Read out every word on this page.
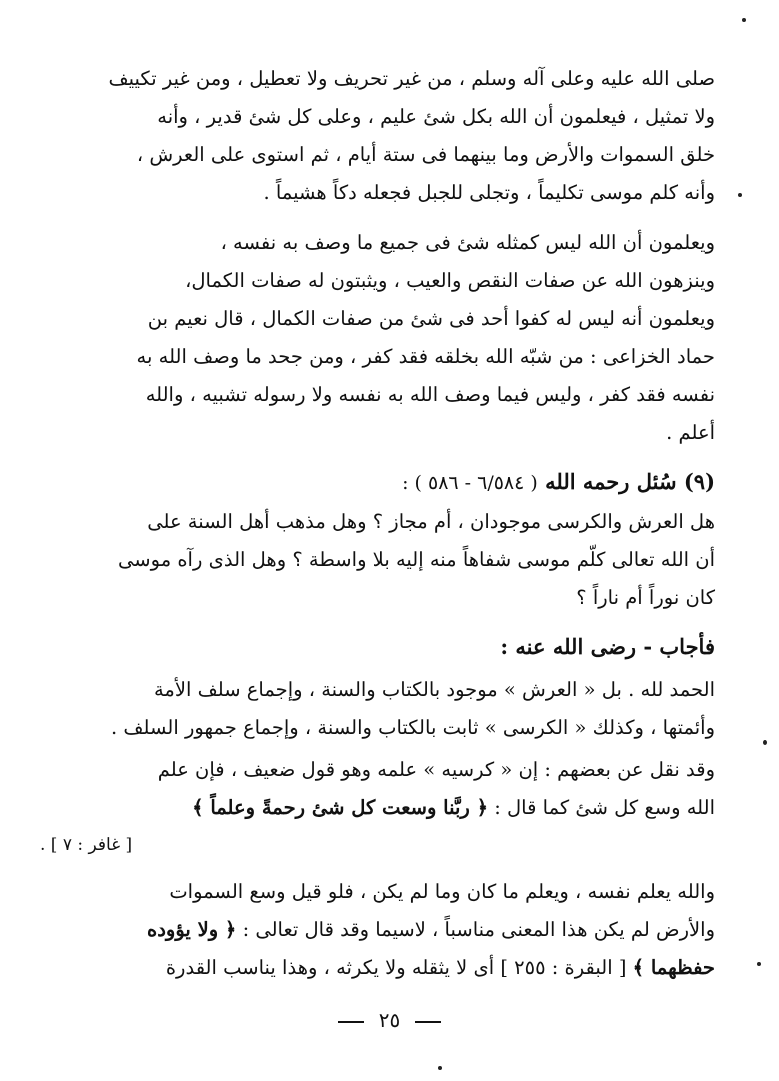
صلى الله عليه وعلى آله وسلم ، من غير تحريف ولا تعطيل ، ومن غير تكييف
ولا تمثيل ، فيعلمون أن الله بكل شئ عليم ، وعلى كل شئ قدير ، وأنه
خلق السموات والأرض وما بينهما فى ستة أيام ، ثم استوى على العرش ،
وأنه كلم موسى تكليماً ، وتجلى للجبل فجعله دكاً هشيماً .
ويعلمون أن الله ليس كمثله شئ فى جميع ما وصف به نفسه ،
وينزهون الله عن صفات النقص والعيب ، ويثبتون له صفات الكمال،
ويعلمون أنه ليس له كفوا أحد فى شئ من صفات الكمال ، قال نعيم بن
حماد الخزاعى : من شبّه الله بخلقه فقد كفر ، ومن جحد ما وصف الله به
نفسه فقد كفر ، وليس فيما وصف الله به نفسه ولا رسوله تشبيه ، والله
أعلم .
(٩) سُئل رحمه الله ( ٦/٥٨٤ - ٥٨٦ ) :
هل العرش والكرسى موجودان ، أم مجاز ؟ وهل مذهب أهل السنة على
أن الله تعالى كلّم موسى شفاهاً منه إليه بلا واسطة ؟ وهل الذى رآه موسى
كان نوراً أم ناراً ؟
فأجاب - رضى الله عنه :
الحمد لله . بل « العرش » موجود بالكتاب والسنة ، وإجماع سلف الأمة
وأئمتها ، وكذلك « الكرسى » ثابت بالكتاب والسنة ، وإجماع جمهور السلف .
وقد نقل عن بعضهم : إن « كرسيه » علمه وهو قول ضعيف ، فإن علم
الله وسع كل شئ كما قال : ﴿ ربَّنا وسعت كل شئ رحمةً وعلماً ﴾
[ غافر : ٧ ] .
والله يعلم نفسه ، ويعلم ما كان وما لم يكن ، فلو قيل وسع السموات
والأرض لم يكن هذا المعنى مناسباً ، لاسيما وقد قال تعالى : ﴿ ولا يؤوده
حفظهما ﴾ [ البقرة : ٢٥٥ ] أى لا يثقله ولا يكرثه ، وهذا يناسب القدرة
٢٥
